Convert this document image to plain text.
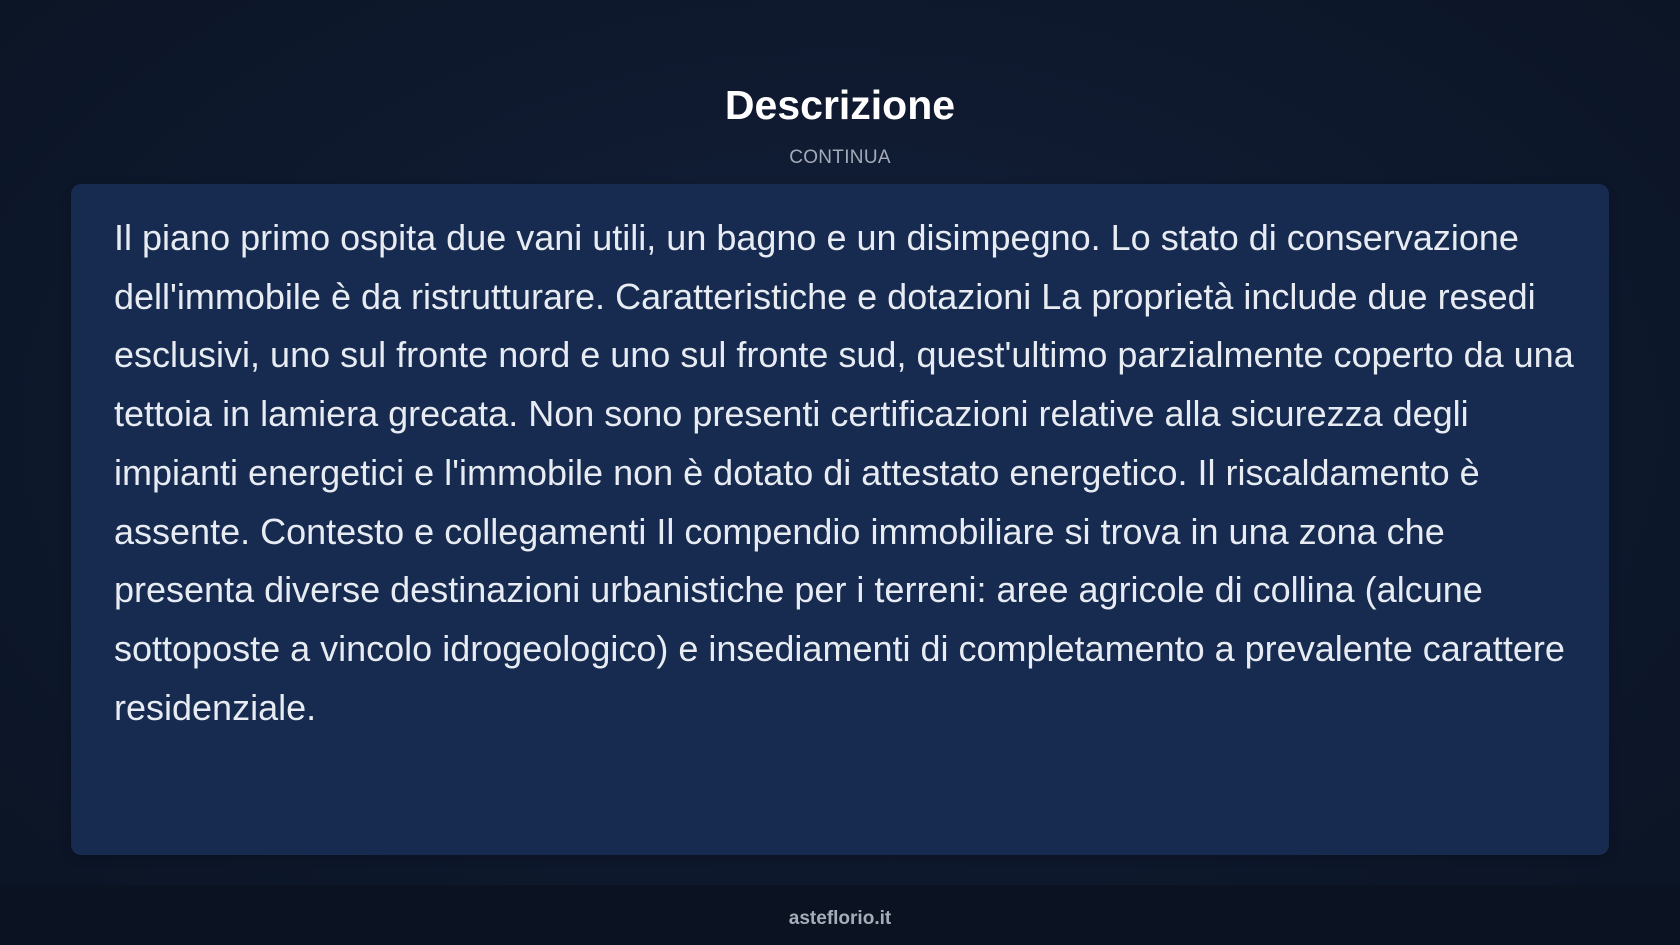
Descrizione
CONTINUA

Il piano primo ospita due vani utili, un bagno e un disimpegno. Lo stato di conservazione dell'immobile è da ristrutturare. Caratteristiche e dotazioni La proprietà include due resedi esclusivi, uno sul fronte nord e uno sul fronte sud, quest'ultimo parzialmente coperto da una tettoia in lamiera grecata. Non sono presenti certificazioni relative alla sicurezza degli impianti energetici e l'immobile non è dotato di attestato energetico. Il riscaldamento è assente. Contesto e collegamenti Il compendio immobiliare si trova in una zona che presenta diverse destinazioni urbanistiche per i terreni: aree agricole di collina (alcune sottoposte a vincolo idrogeologico) e insediamenti di completamento a prevalente carattere residenziale.

asteflorio.it
